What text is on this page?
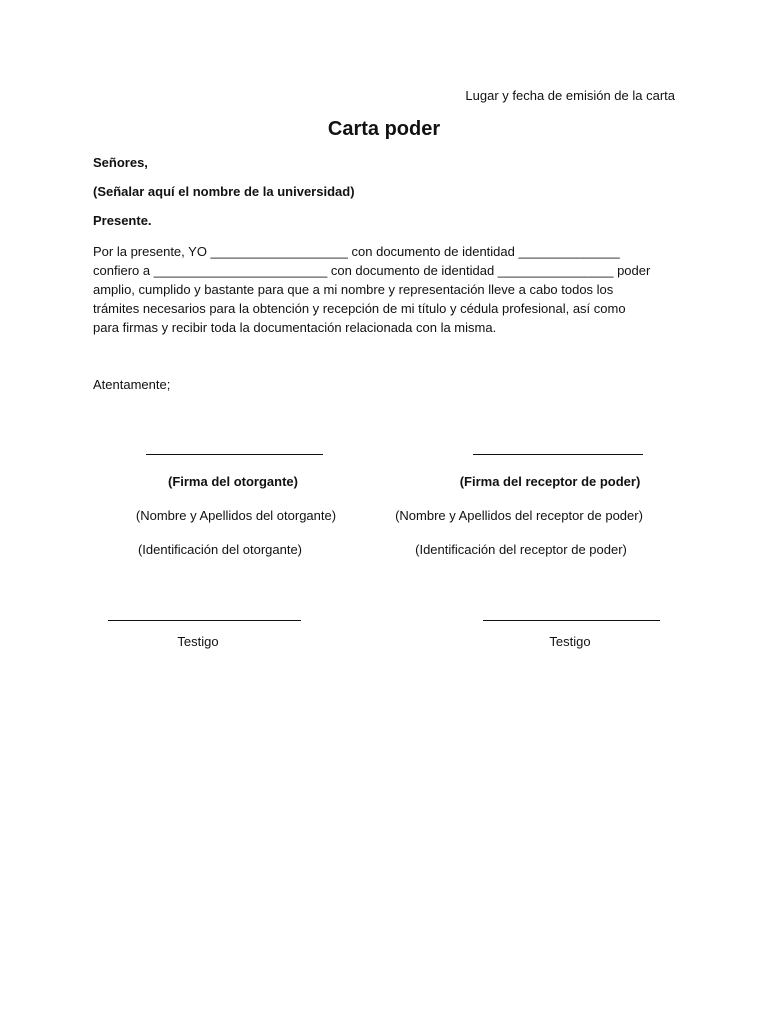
Lugar y fecha de emisión de la carta
Carta poder
Señores,
(Señalar aquí el nombre de la universidad)
Presente.
Por la presente, YO ___________________ con documento de identidad ______________
confiero a ________________________ con documento de identidad ________________ poder
amplio, cumplido y bastante para que a mi nombre y representación lleve a cabo todos los
trámites necesarios para la obtención y recepción de mi título y cédula profesional, así como
para firmas y recibir toda la documentación relacionada con la misma.
Atentamente;
(Firma del otorgante)
(Nombre y Apellidos del otorgante)
(Identificación del otorgante)
(Firma del receptor de poder)
(Nombre y Apellidos del receptor de poder)
(Identificación del receptor de poder)
Testigo	Testigo
